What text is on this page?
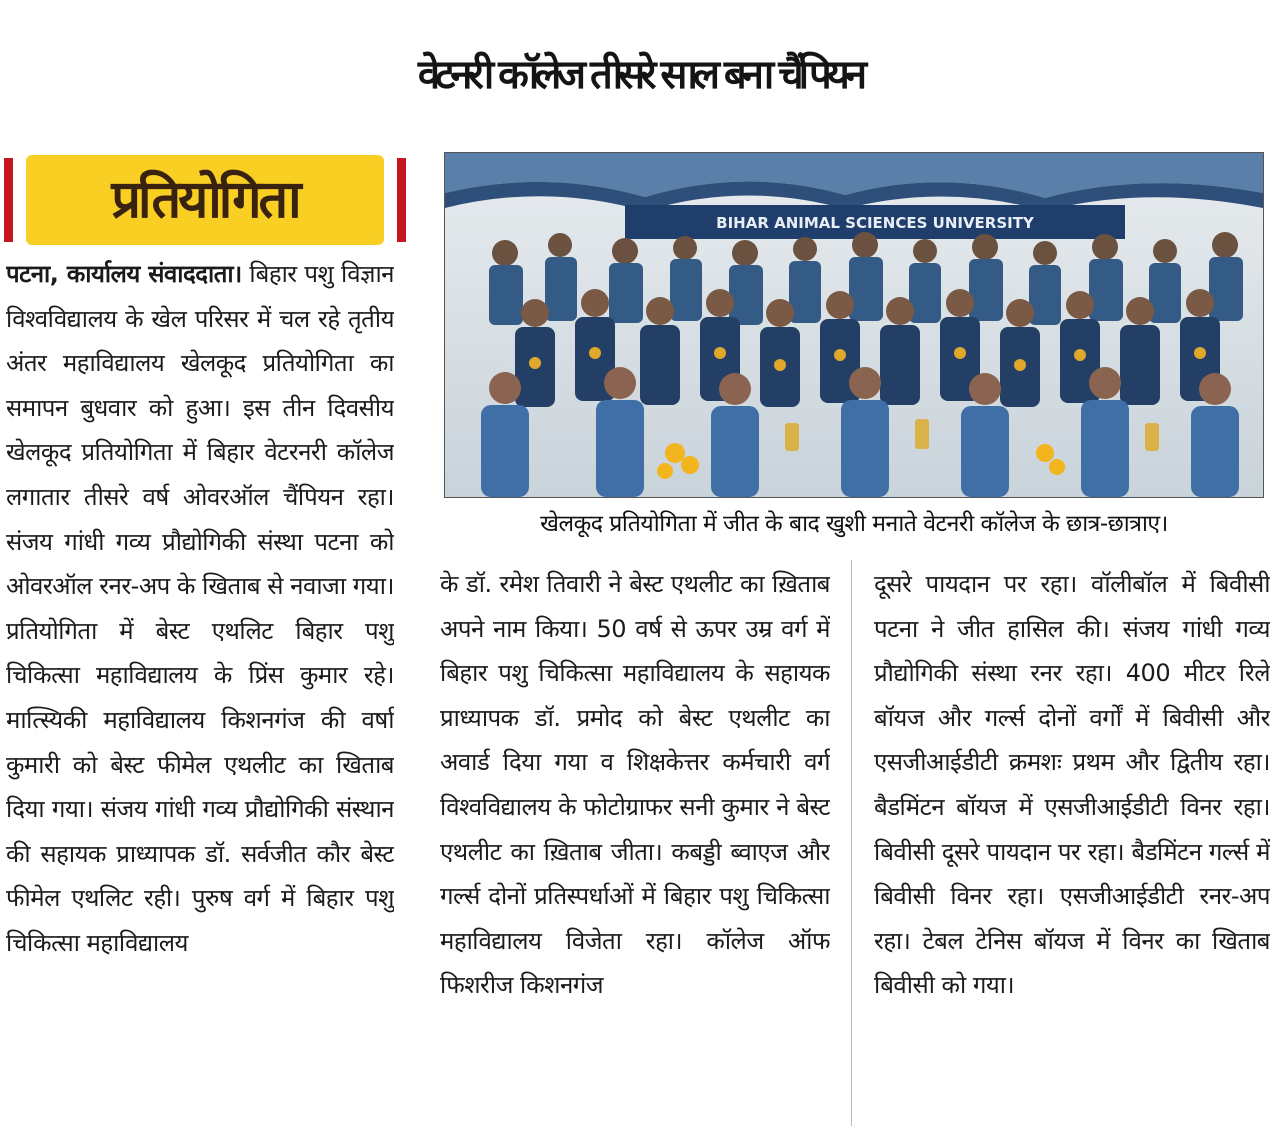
वेटनरी कॉलेज तीसरे साल बना चैंपियन
प्रतियोगिता	BIHAR ANIMAL SCIENCES UNIVERSITY
खेलकूद प्रतियोगिता में जीत के बाद खुशी मनाते वेटनरी कॉलेज के छात्र-छात्राए।
पटना, कार्यालय संवाददाता। बिहार पशु विज्ञान विश्वविद्यालय के खेल परिसर में चल रहे तृतीय अंतर महाविद्यालय खेलकूद प्रतियोगिता का समापन बुधवार को हुआ। इस तीन दिवसीय खेलकूद प्रतियोगिता में बिहार वेटरनरी कॉलेज लगातार तीसरे वर्ष ओवरऑल चैंपियन रहा। संजय गांधी गव्य प्रौद्योगिकी संस्था पटना को ओवरऑल रनर-अप के खिताब से नवाजा गया। प्रतियोगिता में बेस्ट एथलिट बिहार पशु चिकित्सा महाविद्यालय के प्रिंस कुमार रहे। मात्स्यिकी महाविद्यालय किशनगंज की वर्षा कुमारी को बेस्ट फीमेल एथलीट का खिताब दिया गया। संजय गांधी गव्य प्रौद्योगिकी संस्थान की सहायक प्राध्यापक डॉ. सर्वजीत कौर बेस्ट फीमेल एथलिट रही। पुरुष वर्ग में बिहार पशु चिकित्सा महाविद्यालय
के डॉ. रमेश तिवारी ने बेस्ट एथलीट का ख़िताब अपने नाम किया। 50 वर्ष से ऊपर उम्र वर्ग में बिहार पशु चिकित्सा महाविद्यालय के सहायक प्राध्यापक डॉ. प्रमोद को बेस्ट एथलीट का अवार्ड दिया गया व शिक्षकेत्तर कर्मचारी वर्ग विश्वविद्यालय के फोटोग्राफर सनी कुमार ने बेस्ट एथलीट का ख़िताब जीता। कबड्डी ब्वाएज और गर्ल्स दोनों प्रतिस्पर्धाओं में बिहार पशु चिकित्सा महाविद्यालय विजेता रहा। कॉलेज ऑफ फिशरीज किशनगंज
दूसरे पायदान पर रहा। वॉलीबॉल में बिवीसी पटना ने जीत हासिल की। संजय गांधी गव्य प्रौद्योगिकी संस्था रनर रहा। 400 मीटर रिले बॉयज और गर्ल्स दोनों वर्गों में बिवीसी और एसजीआईडीटी क्रमशः प्रथम और द्वितीय रहा। बैडमिंटन बॉयज में एसजीआईडीटी विनर रहा। बिवीसी दूसरे पायदान पर रहा। बैडमिंटन गर्ल्स में बिवीसी विनर रहा। एसजीआईडीटी रनर-अप रहा। टेबल टेनिस बॉयज में विनर का खिताब बिवीसी को गया।
